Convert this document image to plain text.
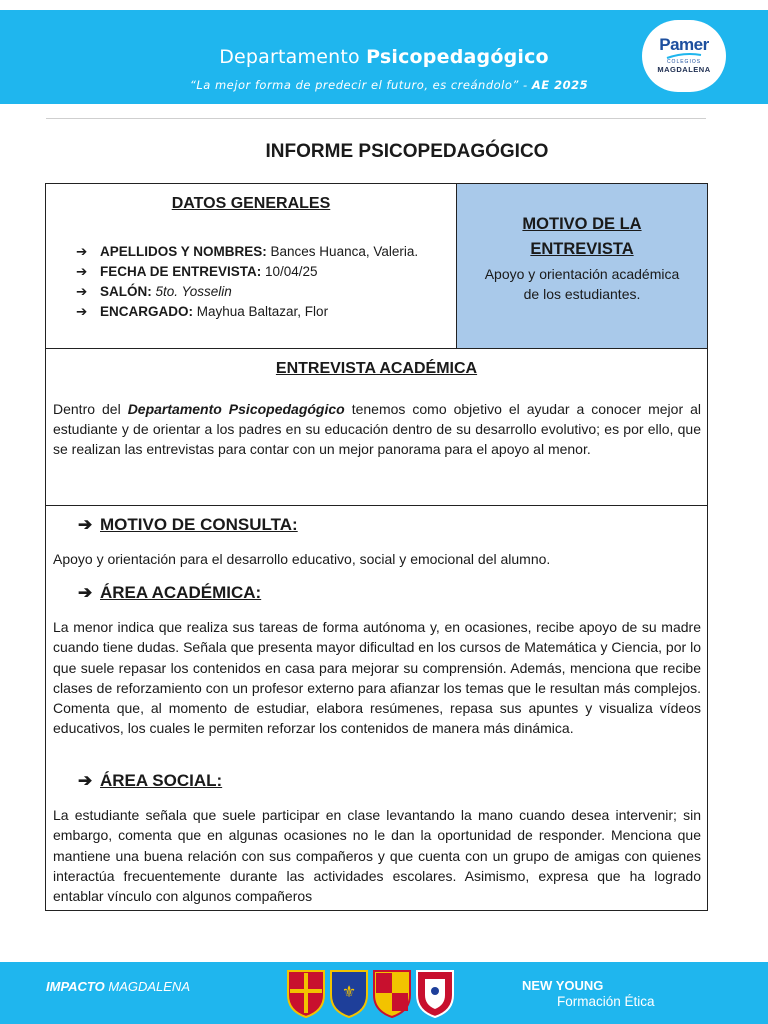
Departamento Psicopedagógico
“La mejor forma de predecir el futuro, es creándolo” - AE 2025
Pamer
COLEGIOS
MAGDALENA
INFORME PSICOPEDAGÓGICO
DATOS GENERALES
➔ APELLIDOS Y NOMBRES: Bances Huanca, Valeria.
➔ FECHA DE ENTREVISTA: 10/04/25
➔ SALÓN: 5to. Yosselin
➔ ENCARGADO: Mayhua Baltazar, Flor
MOTIVO DE LA
ENTREVISTA
Apoyo y orientación académica
de los estudiantes.
ENTREVISTA ACADÉMICA
Dentro del Departamento Psicopedagógico tenemos como objetivo el ayudar a conocer mejor al estudiante y de orientar a los padres en su educación dentro de su desarrollo evolutivo; es por ello, que se realizan las entrevistas para contar con un mejor panorama para el apoyo al menor.
➔ MOTIVO DE CONSULTA:
Apoyo y orientación para el desarrollo educativo, social y emocional del alumno.
➔ ÁREA ACADÉMICA:
La menor indica que realiza sus tareas de forma autónoma y, en ocasiones, recibe apoyo de su madre cuando tiene dudas. Señala que presenta mayor dificultad en los cursos de Matemática y Ciencia, por lo que suele repasar los contenidos en casa para mejorar su comprensión. Además, menciona que recibe clases de reforzamiento con un profesor externo para afianzar los temas que le resultan más complejos. Comenta que, al momento de estudiar, elabora resúmenes, repasa sus apuntes y visualiza vídeos educativos, los cuales le permiten reforzar los contenidos de manera más dinámica.
➔ ÁREA SOCIAL:
La estudiante señala que suele participar en clase levantando la mano cuando desea intervenir; sin embargo, comenta que en algunas ocasiones no le dan la oportunidad de responder. Menciona que mantiene una buena relación con sus compañeros y que cuenta con un grupo de amigas con quienes interactúa frecuentemente durante las actividades escolares. Asimismo, expresa que ha logrado entablar vínculo con algunos compañeros
IMPACTO MAGDALENA	⚜	NEW YOUNG
Formación Ética
